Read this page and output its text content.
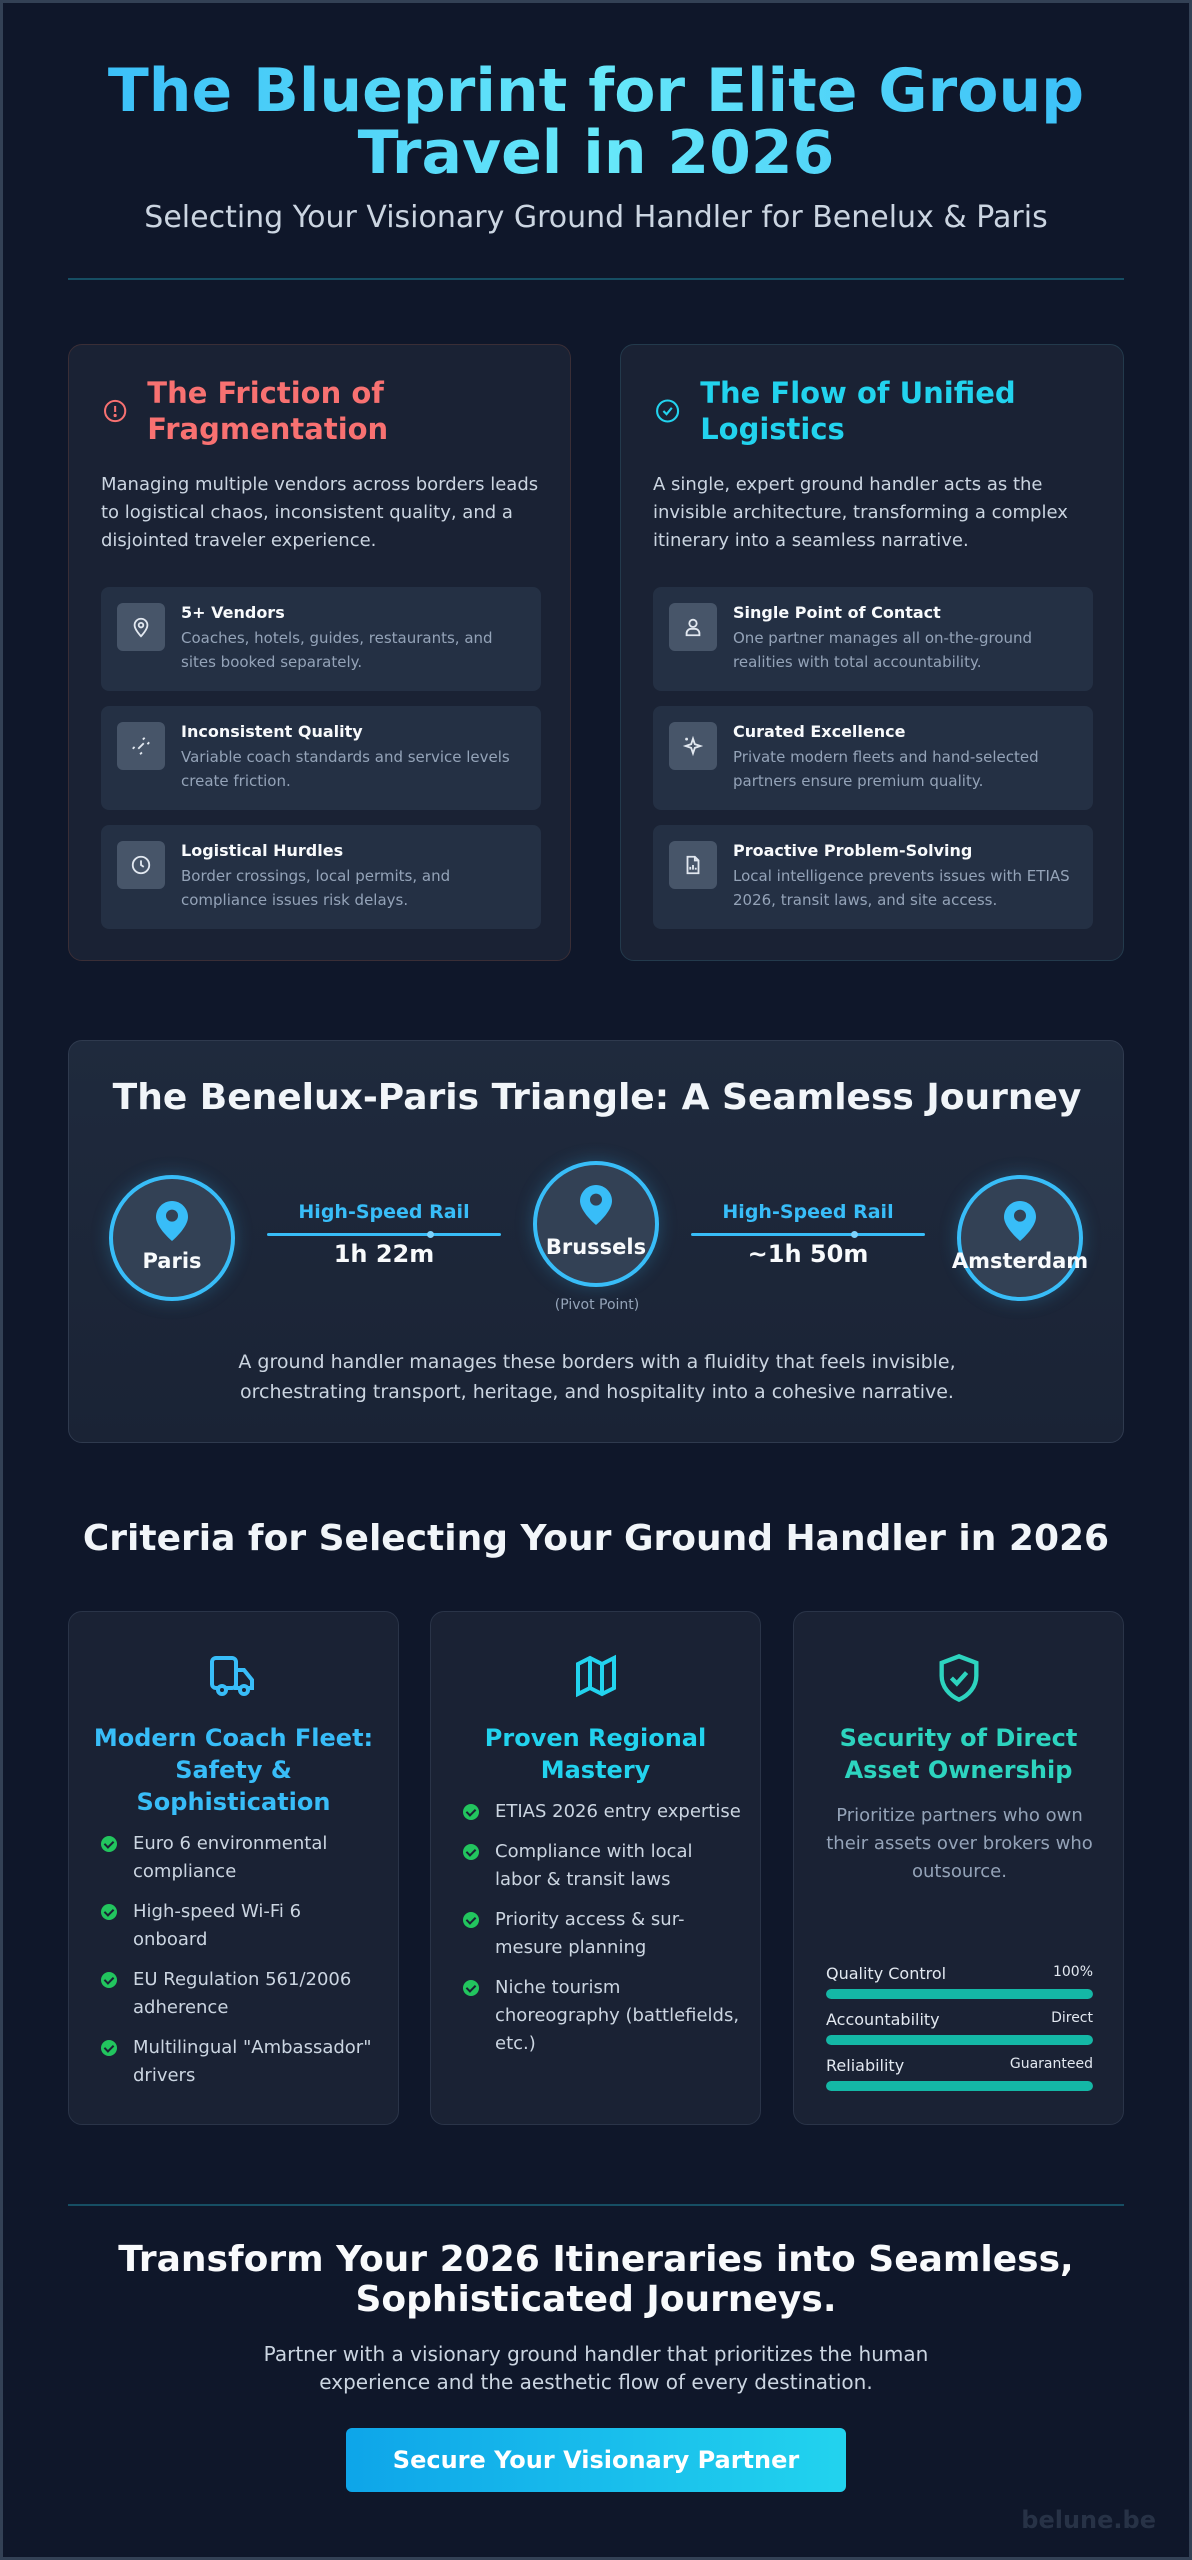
The Blueprint for Elite Group Travel in 2026

Selecting Your Visionary Ground Handler for Benelux & Paris

The Friction of Fragmentation

Managing multiple vendors across borders leads to logistical chaos, inconsistent quality, and a disjointed traveler experience.

5+ Vendors
Coaches, hotels, guides, restaurants, and sites booked separately.
Inconsistent Quality
Variable coach standards and service levels create friction.
Logistical Hurdles
Border crossings, local permits, and compliance issues risk delays.
The Flow of Unified Logistics

A single, expert ground handler acts as the invisible architecture, transforming a complex itinerary into a seamless narrative.

Single Point of Contact
One partner manages all on-the-ground realities with total accountability.
Curated Excellence
Private modern fleets and hand-selected partners ensure premium quality.
Proactive Problem-Solving
Local intelligence prevents issues with ETIAS 2026, transit laws, and site access.
The Benelux-Paris Triangle: A Seamless Journey
Paris
High-Speed Rail
1h 22m	Brussels
(Pivot Point)
High-Speed Rail
~1h 50m	Amsterdam

A ground handler manages these borders with a fluidity that feels invisible, orchestrating transport, heritage, and hospitality into a cohesive narrative.

Criteria for Selecting Your Ground Handler in 2026
Modern Coach Fleet: Safety & Sophistication
Euro 6 environmental compliance
High-speed Wi-Fi 6 onboard
EU Regulation 561/2006 adherence
Multilingual "Ambassador" drivers
Proven Regional Mastery
ETIAS 2026 entry expertise
Compliance with local labor & transit laws
Priority access & sur-mesure planning
Niche tourism choreography (battlefields, etc.)
Security of Direct Asset Ownership

Prioritize partners who own their assets over brokers who outsource.

Quality Control	100%
Accountability	Direct
Reliability	Guaranteed
Transform Your 2026 Itineraries into Seamless, Sophisticated Journeys.

Partner with a visionary ground handler that prioritizes the human experience and the aesthetic flow of every destination.

Secure Your Visionary Partner
belune.be
